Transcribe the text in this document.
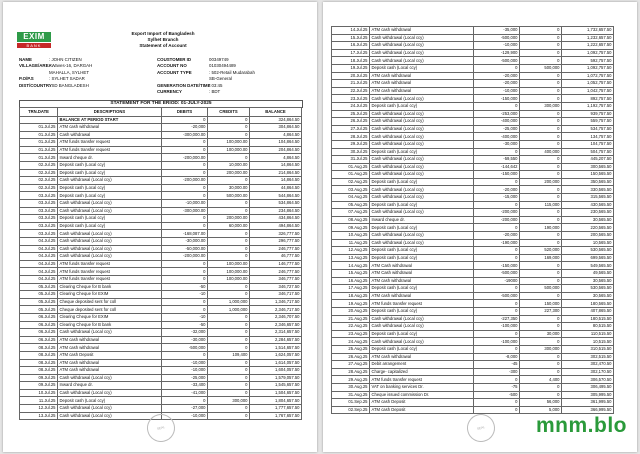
EXIM
BANK
Export Import of Bangladesh
Sylhet Branch
Statement of Account
NAME	: JOHN CITIZEN
VILLAGE/AREA
: Waves-16, DARGAH
MAHALLA, SYLHET
P.O/P.S	: SYLHET SADAR
DIST/COUNTRY
: SD BANGLADESH
COUSTOMER ID	00349749
ACCOUNT NO	01030494489
ACCOUNT TYPE	: 502-Retail Mudarabah
SB-General
GENERATION DATE/TIME
: 03:45
CURRENCY	: BDT
STATEMENT FOR THE ERIOD: 01-JULY-2025
TRN.DATE	DESCRIPTIONS	DEBITS	CREDITS	BALANCE
	BALANCE AT PERIOD START	0	0	324,864.50
01.Jul.25	ATM cash withdrawal	-20,000	0	304,864.50
01.Jul.25	Cash withdrawal	-300,000.00	0	4,864.50
01.Jul.25	ATM funds transfer request	0	100,000.00	104,864.50
01.Jul.25	ATM funds transfer request	0	100,000.00	204,864.50
01.Jul.25	Inward cheque dr.	-200,000.00	0	4,864.50
02.Jul.25	Deposit cash (Local ccy)	0	10,000.00	14,864.50
02.Jul.25	Deposit cash (Local ccy)	0	200,000.00	214,864.50
02.Jul.25	Cash withdrawal (Local ccy)	-200,000.00	0	14,864.50
02.Jul.25	Deposit cash (Local ccy)	0	30,000.00	44,864.50
03.Jul.25	Deposit cash (Local ccy)	0	500,000.00	544,864.50
03.Jul.25	Cash withdrawal (Local ccy)	-10,000.00	0	534,864.50
03.Jul.25	Cash withdrawal (Local ccy)	-300,000.00	0	234,864.50
03.Jul.25	Deposit cash (Local ccy)	0	200,000.00	434,864.50
03.Jul.25	Deposit cash (Local ccy)	0	60,000.00	494,864.50
03.Jul.25	Cash withdrawal (Local ccy)	-168,087.00	0	326,777.50
04.Jul.25	Cash withdrawal (Local ccy)	-30,000.00	0	296,777.50
04.Jul.25	Cash withdrawal (Local ccy)	-50,000.00	0	246,777.50
04.Jul.25	Cash withdrawal (Local ccy)	-200,000.00	0	46,777.50
04.Jul.25	ATM funds transfer request	0	100,000.00	146,777.50
04.Jul.25	ATM funds transfer request	0	100,000.00	246,777.50
04.Jul.25	ATM funds transfer request	0	100,000.00	346,777.50
05.Jul.25	Clearing Cheque for B bank	-50	0	346,727.50
05.Jul.25	Clearing Cheque for EXIM	-10	0	346,717.50
05.Jul.25	Cheque deposited sent for coll	0	1,000,000	1,346,717.50
05.Jul.25	Cheque deposited sent for coll	0	1,000,000	2,346,717.50
06.Jul.25	Clearing Cheque for EXIM	-10	0	2,346,707.50
06.Jul.25	Clearing Cheque for B bank	-50	0	2,346,657.50
06.Jul.25	Cash withdrawal (Local ccy)	-32,000	0	2,314,657.50
06.Jul.25	ATM cash withdrawal	-30,000	0	2,284,657.50
08.Jul.25	ATM cash withdrawal	-500,000	0	1,514,657.50
08.Jul.25	ATM cash Deposit	0	109,400	1,624,057.50
08.Jul.25	ATM cash withdrawal	-10,000	0	1,614,057.50
08.Jul.25	ATM cash withdrawal	-10,000	0	1,604,057.50
09.Jul.25	Cash withdrawal (Local ccy)	-25,000	0	1,579,057.50
09.Jul.25	Inward cheque dr.	-33,400	0	1,545,657.50
10.Jul.25	Cash withdrawal (Local ccy)	-41,000	0	1,504,657.50
11.Jul.25	Deposit cash (Local ccy)	0	300,000	1,804,657.50
12.Jul.25	Cash withdrawal (Local ccy)	-27,000	0	1,777,657.50
13.Jul.25	Cash withdrawal (Local ccy)	-10,000	0	1,767,657.50
SEAL
14.Jul.25	ATM cash withdrawal	-35,000	0	1,732,657.50
15.Jul.25	Cash withdrawal (Local ccy)	-500,000	0	1,232,657.50
16.Jul.25	Cash withdrawal (Local ccy)	-10,000	0	1,222,657.50
17.Jul.25	Cash withdrawal (Local ccy)	-129,900	0	1,092,757.50
18.Jul.25	Cash withdrawal (Local ccy)	-500,000	0	592,757.50
19.Jul.25	Deposit cash (Local ccy)	0	500,000	1,092,757.50
20.Jul.25	ATM cash withdrawal	-20,000	0	1,072,757.50
21.Jul.25	ATM cash withdrawal	-20,000	0	1,052,757.50
22.Jul.25	ATM cash withdrawal	-10,000	0	1,042,757.50
23.Jul.25	Cash withdrawal (Local ccy)	-150,000	0	892,757.50
24.Jul.25	Deposit cash (Local ccy)	0	300,000	1,192,757.50
25.Jul.25	Cash withdrawal (Local ccy)	-253,000	0	939,757.50
26.Jul.25	Cash withdrawal (Local ccy)	-400,000	0	559,757.50
27.Jul.25	Cash withdrawal (Local ccy)	-25,000	0	534,757.50
28.Jul.25	Cash withdrawal (Local ccy)	-400,000	0	134,757.50
29.Jul.25	Cash withdrawal (Local ccy)	-30,000	0	104,757.50
30.Jul.25	Deposit cash (Local ccy)	0	400,000	504,757.50
31.Jul.25	Cash withdrawal (Local ccy)	-59,550	0	445,207.50
01.Aug.25	Cash withdrawal (Local ccy)	-144,642	0	300,565.50
01.Aug.25	Cash withdrawal (Local ccy)	-150,000	0	150,565.50
02.Aug.25	Deposit cash (Local ccy)	0	200,000	350,565.50
03.Aug.25	Cash withdrawal (Local ccy)	-20,000	0	330,565.50
04.Aug.25	Cash withdrawal (Local ccy)	-15,000	0	315,565.50
05.Aug.25	Deposit cash (Local ccy)	0	115,000	430,565.50
07.Aug.25	Cash withdrawal (Local ccy)	-200,000	0	230,565.50
08.Aug.25	Inward cheque dr.	-200,000	0	30,565.50
09.Aug.25	Deposit cash (Local ccy)	0	190,000	220,565.50
10.Aug.25	Cash withdrawal (Local ccy)	-20,000	0	200,565.50
11.Aug.25	Cash withdrawal (Local ccy)	-190,000	0	10,565.50
12.Aug.25	Deposit cash (Local ccy)	0	520,000	530,565.50
13.Aug.25	Deposit cash (Local ccy)	0	169,000	699,565.50
14.Aug.25	ATM Cash withdrawal	-150,000	0	549,565.50
15.Aug.25	ATM Cash withdrawal	-500,000	0	49,565.50
16.Aug.25	ATM cash withdrawal	-19000	0	30,565.50
17.Aug.25	Deposit cash (Local ccy)	0	500,000	530,565.50
18.Aug.25	ATM cash withdrawal	-500,000	0	30,565.50
19.Aug.25	ATM funds transfer request	0	150,000	180,565.50
20.Aug.25	Deposit cash (Local ccy)	0	227,300	407,865.50
21.Aug.25	Cash withdrawal (Local ccy)	-227,350	0	180,515.50
22.Aug.25	Cash withdrawal (Local ccy)	-100,000	0	80,515.50
23.Aug.25	Deposit cash (Local ccy)	0	30,000	110,515.50
24.Aug.25	Cash withdrawal (Local ccy)	-100,000	0	10,515.50
25.Aug.25	Deposit cash (Local ccy)	0	300,000	310,515.50
26.Aug.25	ATM cash withdrawal	-8,000	0	302,515.50
27.Aug.25	Debit arrangement	-45	0	302,470.50
28.Aug.25	Charge- capitalized	-300	0	302,170.50
29.Aug.25	ATM funds transfer request	0	4,400	306,570.50
30.Aug.25	VAT on banking services Dr.	-75	0	306,495.50
31.Aug.25	Cheque issued commission Dr.	-500	0	305,995.50
01.Sep.25	ATM cash Deposit	0	56,000	361,995.50
02.Sep.25	ATM cash Deposit	0	5,000	366,995.50
SEAL	mnm.blo
